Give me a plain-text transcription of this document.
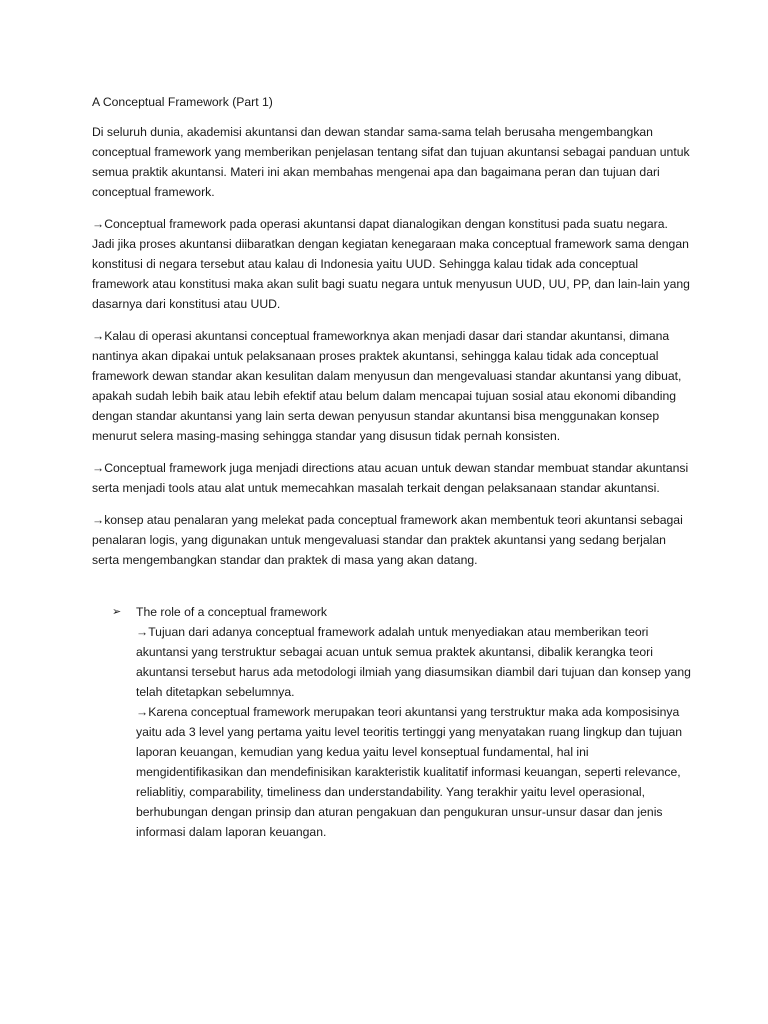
A Conceptual Framework (Part 1)

Di seluruh dunia, akademisi akuntansi dan dewan standar sama-sama telah berusaha mengembangkan conceptual framework yang memberikan penjelasan tentang sifat dan tujuan akuntansi sebagai panduan untuk semua praktik akuntansi. Materi ini akan membahas mengenai apa dan bagaimana peran dan tujuan dari conceptual framework.

→Conceptual framework pada operasi akuntansi dapat dianalogikan dengan konstitusi pada suatu negara. Jadi jika proses akuntansi diibaratkan dengan kegiatan kenegaraan maka conceptual framework sama dengan konstitusi di negara tersebut atau kalau di Indonesia yaitu UUD. Sehingga kalau tidak ada conceptual framework atau konstitusi maka akan sulit bagi suatu negara untuk menyusun UUD, UU, PP, dan lain-lain yang dasarnya dari konstitusi atau UUD.

→Kalau di operasi akuntansi conceptual frameworknya akan menjadi dasar dari standar akuntansi, dimana nantinya akan dipakai untuk pelaksanaan proses praktek akuntansi, sehingga kalau tidak ada conceptual framework dewan standar akan kesulitan dalam menyusun dan mengevaluasi standar akuntansi yang dibuat, apakah sudah lebih baik atau lebih efektif atau belum dalam mencapai tujuan sosial atau ekonomi dibanding dengan standar akuntansi yang lain serta dewan penyusun standar akuntansi bisa menggunakan konsep menurut selera masing-masing sehingga standar yang disusun tidak pernah konsisten.

→Conceptual framework juga menjadi directions atau acuan untuk dewan standar membuat standar akuntansi serta menjadi tools atau alat untuk memecahkan masalah terkait dengan pelaksanaan standar akuntansi.

→konsep atau penalaran yang melekat pada conceptual framework akan membentuk teori akuntansi sebagai penalaran logis, yang digunakan untuk mengevaluasi standar dan praktek akuntansi yang sedang berjalan serta mengembangkan standar dan praktek di masa yang akan datang.

➢ The role of a conceptual framework

→Tujuan dari adanya conceptual framework adalah untuk menyediakan atau memberikan teori akuntansi yang terstruktur sebagai acuan untuk semua praktek akuntansi, dibalik kerangka teori akuntansi tersebut harus ada metodologi ilmiah yang diasumsikan diambil dari tujuan dan konsep yang telah ditetapkan sebelumnya.

→Karena conceptual framework merupakan teori akuntansi yang terstruktur maka ada komposisinya yaitu ada 3 level yang pertama yaitu level teoritis tertinggi yang menyatakan ruang lingkup dan tujuan laporan keuangan, kemudian yang kedua yaitu level konseptual fundamental, hal ini mengidentifikasikan dan mendefinisikan karakteristik kualitatif informasi keuangan, seperti relevance, reliablitiy, comparability, timeliness dan understandability. Yang terakhir yaitu level operasional, berhubungan dengan prinsip dan aturan pengakuan dan pengukuran unsur-unsur dasar dan jenis informasi dalam laporan keuangan.
